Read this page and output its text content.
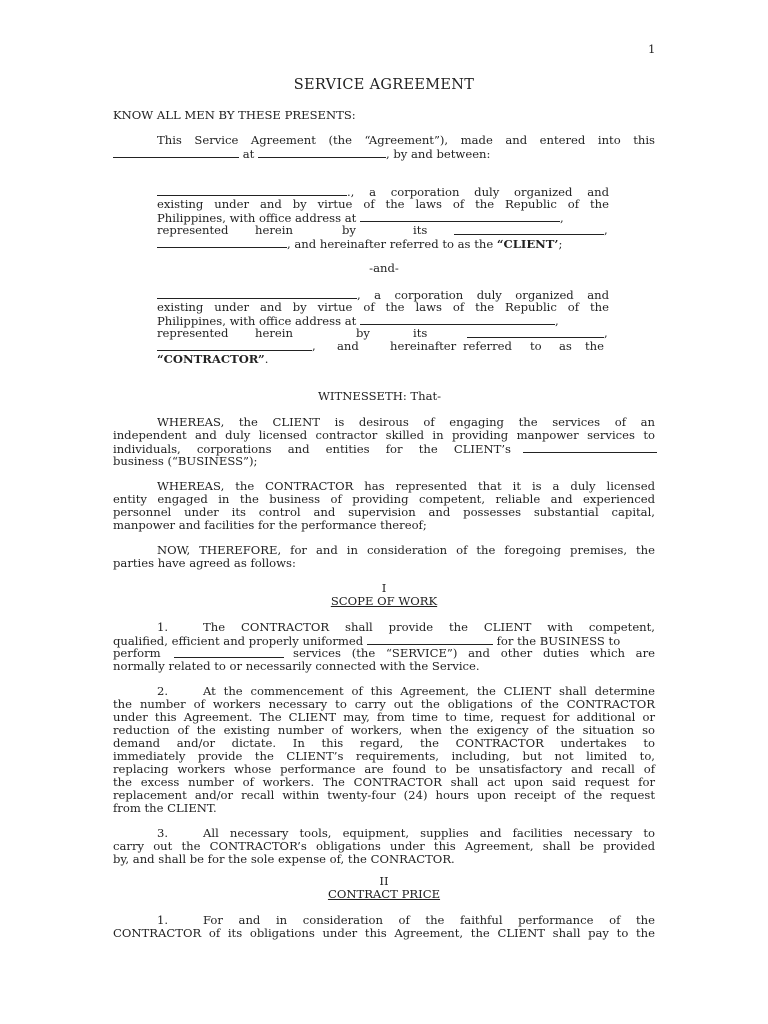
1
SERVICE AGREEMENT
KNOW ALL MEN BY THESE PRESENTS:
This Service Agreement (the “Agreement”), made and entered into this
at	, by and between:
., a corporation duly organized and
existing under and by virtue of the laws of the Republic of the
Philippines, with office address at	,
represented herein	by	its	,
, and hereinafter referred to as the “CLIENT’;
-and-
, a corporation duly organized and
existing under and by virtue of the laws of the Republic of the
Philippines, with office address at	,
represented herein	by	its	,
, and	hereinafter referred to as the
“CONTRACTOR”.
WITNESSETH: That-
WHEREAS, the CLIENT is desirous of engaging the services of an
independent and duly licensed contractor skilled in providing manpower services to
individuals, corporations and entities for the CLIENT’s
business (“BUSINESS”);
WHEREAS, the CONTRACTOR has represented that it is a duly licensed
entity engaged in the business of providing competent, reliable and experienced
personnel under its control and supervision and possesses substantial capital,
manpower and facilities for the performance thereof;
NOW, THEREFORE, for and in consideration of the foregoing premises, the
parties have agreed as follows:
I
SCOPE OF WORK
1.	The CONTRACTOR shall provide the CLIENT with competent,
qualified, efficient and properly uniformed	for the BUSINESS to
perform	services (the “SERVICE”) and other duties which are
normally related to or necessarily connected with the Service.
2.	At the commencement of this Agreement, the CLIENT shall determine
the number of workers necessary to carry out the obligations of the CONTRACTOR
under this Agreement. The CLIENT may, from time to time, request for additional or
reduction of the existing number of workers, when the exigency of the situation so
demand and/or dictate. In this regard, the CONTRACTOR undertakes to
immediately provide the CLIENT’s requirements, including, but not limited to,
replacing workers whose performance are found to be unsatisfactory and recall of
the excess number of workers. The CONTRACTOR shall act upon said request for
replacement and/or recall within twenty-four (24) hours upon receipt of the request
from the CLIENT.
3.	All necessary tools, equipment, supplies and facilities necessary to
carry out the CONTRACTOR’s obligations under this Agreement, shall be provided
by, and shall be for the sole expense of, the CONRACTOR.
II
CONTRACT PRICE
1.	For and in consideration of the faithful performance of the
CONTRACTOR of its obligations under this Agreement, the CLIENT shall pay to the
